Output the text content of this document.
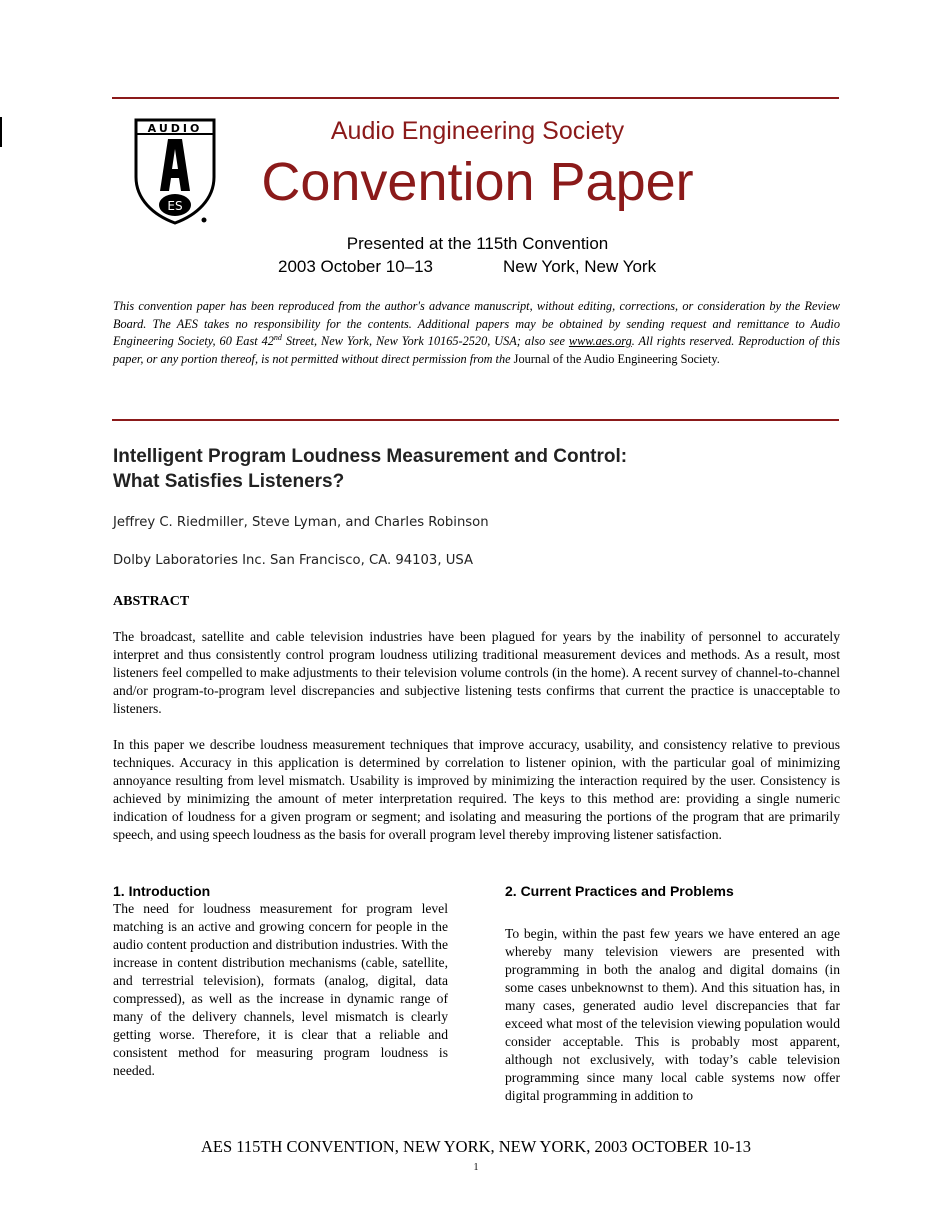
AUDIO
ES
Audio Engineering Society
Convention Paper
Presented at the 115th Convention
2003 October 10–13	New York, New York
This convention paper has been reproduced from the author's advance manuscript, without editing, corrections, or consideration by the Review Board. The AES takes no responsibility for the contents. Additional papers may be obtained by sending request and remittance to Audio Engineering Society, 60 East 42nd Street, New York, New York 10165-2520, USA; also see www.aes.org. All rights reserved. Reproduction of this paper, or any portion thereof, is not permitted without direct permission from the Journal of the Audio Engineering Society.
Intelligent Program Loudness Measurement and Control:
What Satisfies Listeners?
Jeffrey C. Riedmiller, Steve Lyman, and Charles Robinson
Dolby Laboratories Inc. San Francisco, CA. 94103, USA
ABSTRACT
The broadcast, satellite and cable television industries have been plagued for years by the inability of personnel to accurately interpret and thus consistently control program loudness utilizing traditional measurement devices and methods. As a result, most listeners feel compelled to make adjustments to their television volume controls (in the home). A recent survey of channel-to-channel and/or program-to-program level discrepancies and subjective listening tests confirms that current the practice is unacceptable to listeners.
In this paper we describe loudness measurement techniques that improve accuracy, usability, and consistency relative to previous techniques. Accuracy in this application is determined by correlation to listener opinion, with the particular goal of minimizing annoyance resulting from level mismatch. Usability is improved by minimizing the interaction required by the user. Consistency is achieved by minimizing the amount of meter interpretation required. The keys to this method are: providing a single numeric indication of loudness for a given program or segment; and isolating and measuring the portions of the program that are primarily speech, and using speech loudness as the basis for overall program level thereby improving listener satisfaction.
1. Introduction
The need for loudness measurement for program level matching is an active and growing concern for people in the audio content production and distribution industries. With the increase in content distribution mechanisms (cable, satellite, and terrestrial television), formats (analog, digital, data compressed), as well as the increase in dynamic range of many of the delivery channels, level mismatch is clearly getting worse. Therefore, it is clear that a reliable and consistent method for measuring program loudness is needed.
2. Current Practices and Problems
To begin, within the past few years we have entered an age whereby many television viewers are presented with programming in both the analog and digital domains (in some cases unbeknownst to them). And this situation has, in many cases, generated audio level discrepancies that far exceed what most of the television viewing population would consider acceptable. This is probably most apparent, although not exclusively, with today’s cable television programming since many local cable systems now offer digital programming in addition to
AES 115TH CONVENTION, NEW YORK, NEW YORK, 2003 OCTOBER 10-13
1
